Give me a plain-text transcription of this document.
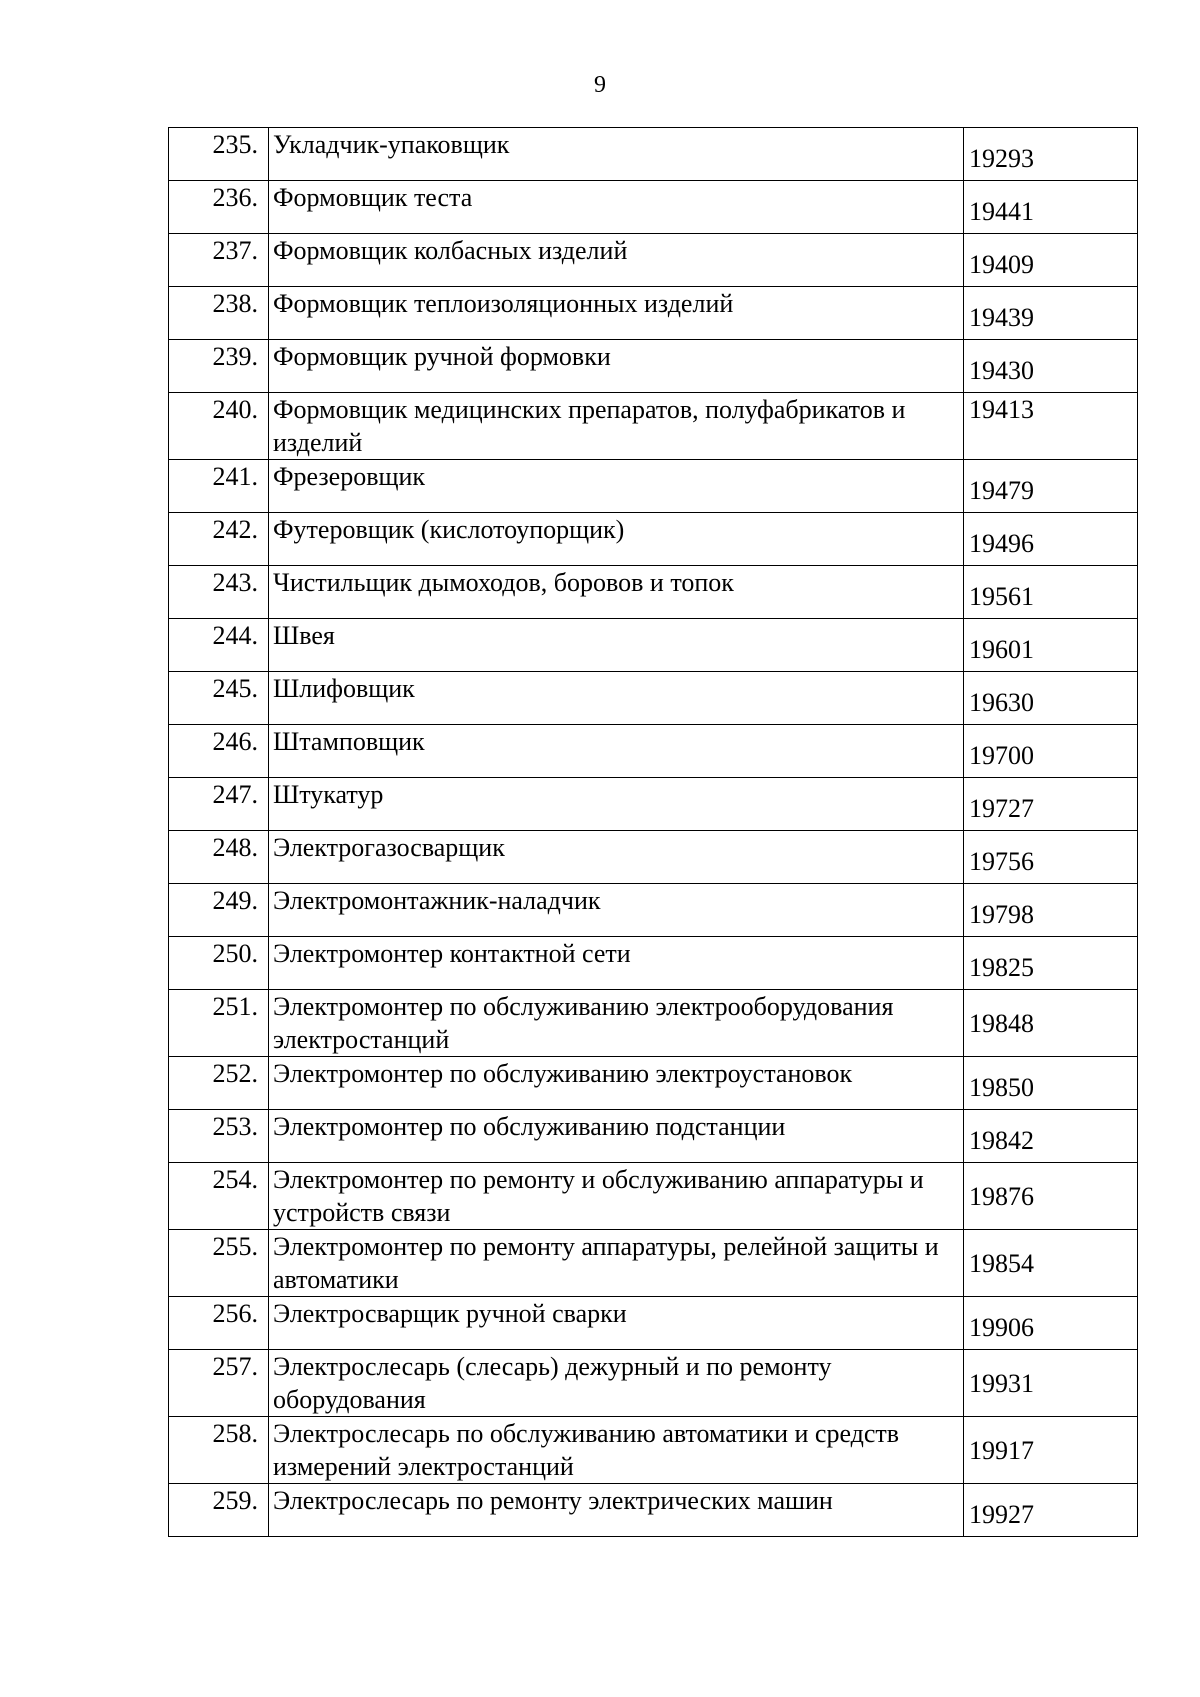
9
235.	Укладчик-упаковщик	19293
236.	Формовщик теста	19441
237.	Формовщик колбасных изделий	19409
238.	Формовщик теплоизоляционных изделий	19439
239.	Формовщик ручной формовки	19430
240.	Формовщик медицинских препаратов, полуфабрикатов и изделий	19413
241.	Фрезеровщик	19479
242.	Футеровщик (кислотоупорщик)	19496
243.	Чистильщик дымоходов, боровов и топок	19561
244.	Швея	19601
245.	Шлифовщик	19630
246.	Штамповщик	19700
247.	Штукатур	19727
248.	Электрогазосварщик	19756
249.	Электромонтажник-наладчик	19798
250.	Электромонтер контактной сети	19825
251.	Электромонтер по обслуживанию электрооборудования электростанций	19848
252.	Электромонтер по обслуживанию электроустановок	19850
253.	Электромонтер по обслуживанию подстанции	19842
254.	Электромонтер по ремонту и обслуживанию аппаратуры и устройств связи	19876
255.	Электромонтер по ремонту аппаратуры, релейной защиты и автоматики	19854
256.	Электросварщик ручной сварки	19906
257.	Электрослесарь (слесарь) дежурный и по ремонту оборудования	19931
258.	Электрослесарь по обслуживанию автоматики и средств измерений электростанций	19917
259.	Электрослесарь по ремонту электрических машин	19927
